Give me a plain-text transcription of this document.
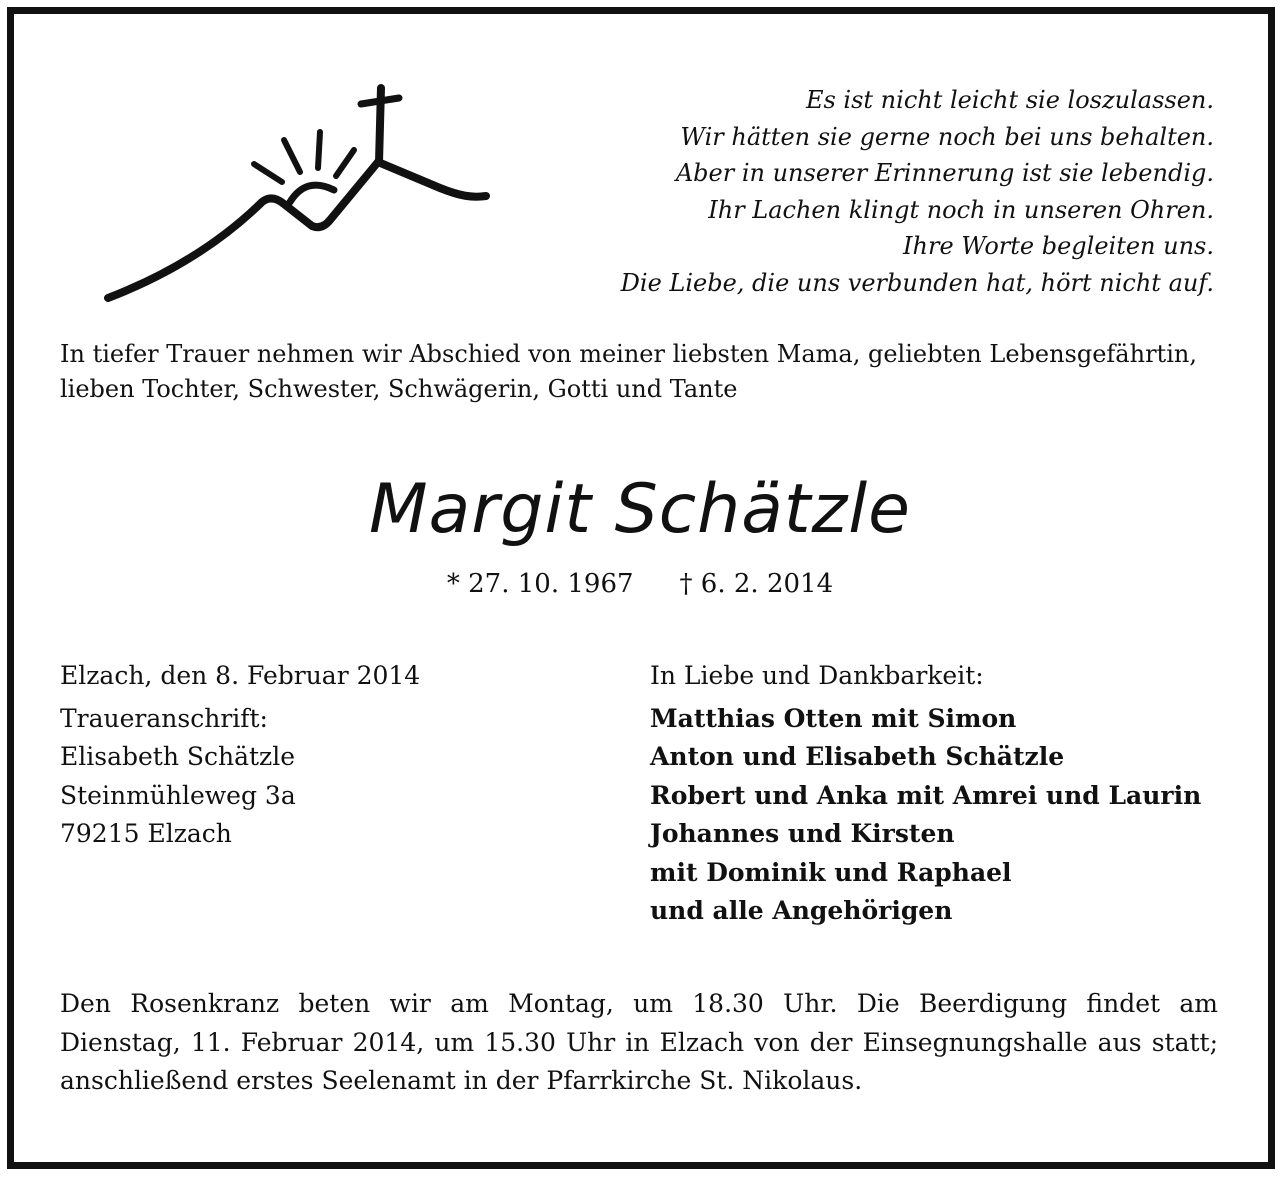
Es ist nicht leicht sie loszulassen.
Wir hätten sie gerne noch bei uns behalten.
Aber in unserer Erinnerung ist sie lebendig.
Ihr Lachen klingt noch in unseren Ohren.
Ihre Worte begleiten uns.
Die Liebe, die uns verbunden hat, hört nicht auf.
In tiefer Trauer nehmen wir Abschied von meiner liebsten Mama, geliebten Lebensgefährtin,
lieben Tochter, Schwester, Schwägerin, Gotti und Tante
Margit Schätzle
* 27. 10. 1967 † 6. 2. 2014
Elzach, den 8. Februar 2014
Traueranschrift:
Elisabeth Schätzle
Steinmühleweg 3a
79215 Elzach
In Liebe und Dankbarkeit:
Matthias Otten mit Simon
Anton und Elisabeth Schätzle
Robert und Anka mit Amrei und Laurin
Johannes und Kirsten
mit Dominik und Raphael
und alle Angehörigen
Den Rosenkranz beten wir am Montag, um 18.30 Uhr. Die Beerdigung findet am
Dienstag, 11. Februar 2014, um 15.30 Uhr in Elzach von der Einsegnungshalle aus statt;
anschließend erstes Seelenamt in der Pfarrkirche St. Nikolaus.
